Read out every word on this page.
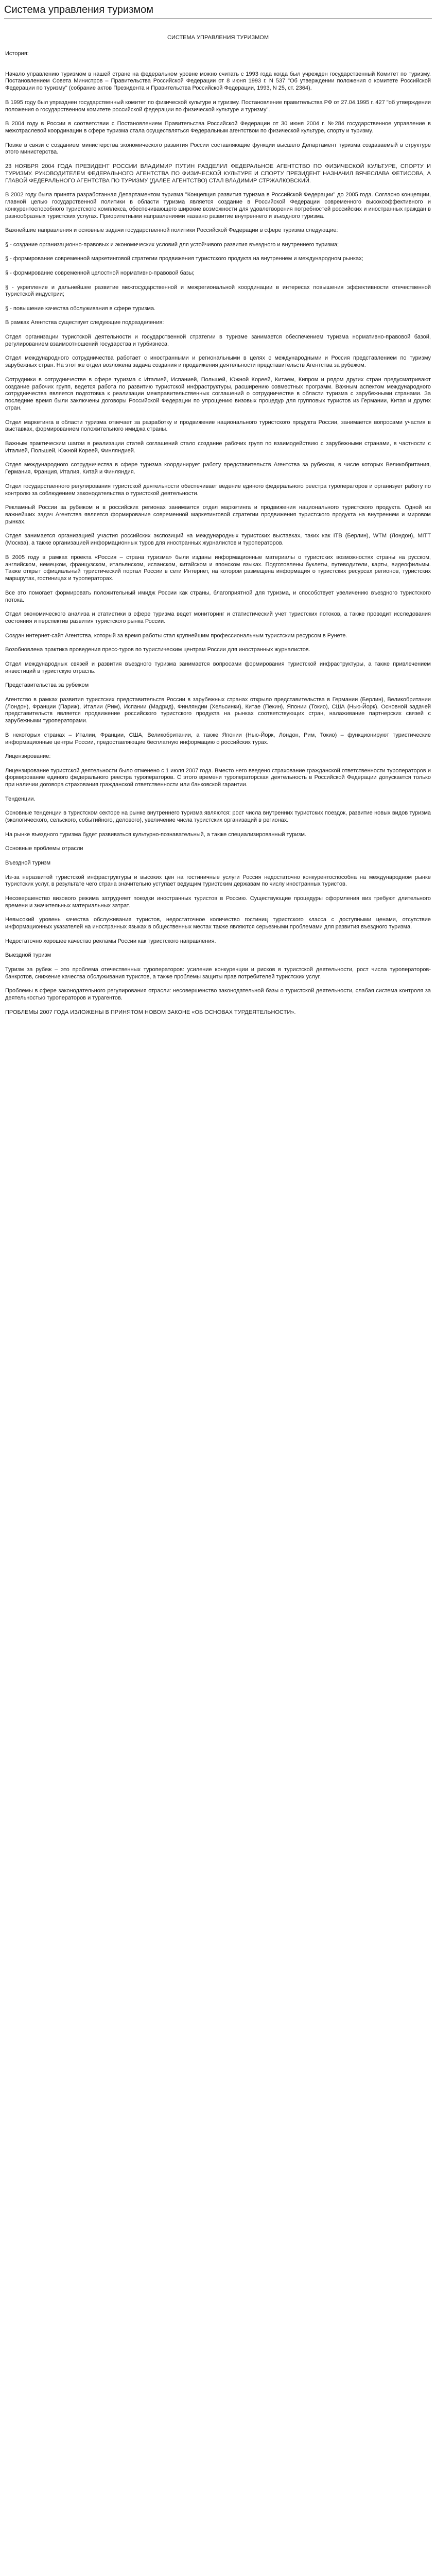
Система управления туризмом
СИСТЕМА УПРАВЛЕНИЯ ТУРИЗМОМ
История:

Начало управлению туризмом в нашей стране на федеральном уровне можно считать с 1993 года когда был учрежден государственный Комитет по туризму. Постановлением Совета Министров – Правительства Российской Федерации от 8 июня 1993 г. N 537 "Об утверждении положения о комитете Российской Федерации по туризму" (собрание актов Президента и Правительства Российской Федерации, 1993, N 25, ст. 2364).

В 1995 году был упразднен государственный комитет по физической культуре и туризму. Постановление правительства РФ от 27.04.1995 г. 427 "об утверждении положения о государственном комитете российской федерации по физической культуре и туризму".

В 2004 году в России в соответствии с Постановлением Правительства Российской Федерации от 30 июня 2004 г. №284 государственное управление в межотраслевой координации в сфере туризма стала осуществляться Федеральным агентством по физической культуре, спорту и туризму.

Позже в связи с созданием министерства экономического развития России составляющие функции высшего Департамент туризма создаваемый в структуре этого министерства.

23 НОЯБРЯ 2004 ГОДА ПРЕЗИДЕНТ РОССИИ ВЛАДИМИР ПУТИН РАЗДЕЛИЛ ФЕДЕРАЛЬНОЕ АГЕНТСТВО ПО ФИЗИЧЕСКОЙ КУЛЬТУРЕ, СПОРТУ И ТУРИЗМУ. РУКОВОДИТЕЛЕМ ФЕДЕРАЛЬНОГО АГЕНТСТВА ПО ФИЗИЧЕСКОЙ КУЛЬТУРЕ И СПОРТУ ПРЕЗИДЕНТ НАЗНАЧИЛ ВЯЧЕСЛАВА ФЕТИСОВА, А ГЛАВОЙ ФЕДЕРАЛЬНОГО АГЕНТСТВА ПО ТУРИЗМУ (ДАЛЕЕ АГЕНТСТВО) СТАЛ ВЛАДИМИР СТРЖАЛКОВСКИЙ.

В 2002 году была принята разработанная Департаментом туризма "Концепция развития туризма в Российской Федерации" до 2005 года. Согласно концепции, главной целью государственной политики в области туризма является создание в Российской Федерации современного высокоэффективного и конкурентоспособного туристского комплекса, обеспечивающего широкие возможности для удовлетворения потребностей российских и иностранных граждан в разнообразных туристских услугах. Приоритетными направлениями названо развитие внутреннего и въездного туризма.

Важнейшие направления и основные задачи государственной политики Российской Федерации в сфере туризма следующие:

§ - создание организационно-правовых и экономических условий для устойчивого развития въездного и внутреннего туризма;

§ - формирование современной маркетинговой стратегии продвижения туристского продукта на внутреннем и международном рынках;

§ - формирование современной целостной нормативно-правовой базы;

§ - укрепление и дальнейшее развитие межгосударственной и межрегиональной координации в интересах повышения эффективности отечественной туристской индустрии;

§ - повышение качества обслуживания в сфере туризма.

В рамках Агентства существует следующие подразделения:

Отдел организации туристской деятельности и государственной стратегии в туризме занимается обеспечением туризма нормативно-правовой базой, регулированием взаимоотношений государства и турбизнеса.

Отдел международного сотрудничества работает с иностранными и региональными в целях с международными и Россия представлением по туризму зарубежных стран. На этот же отдел возложена задача создания и продвижения деятельности представительств Агентства за рубежом.

Сотрудники в сотрудничестве в сфере туризма с Италией, Испанией, Польшей, Южной Кореей, Китаем, Кипром и рядом других стран предусматривают создание рабочих групп, ведется работа по развитию туристской инфраструктуры, расширению совместных программ. Важным аспектом международного сотрудничества является подготовка к реализации межправительственных соглашений о сотрудничестве в области туризма с зарубежными странами. За последние время были заключены договоры Российской Федерации по упрощению визовых процедур для групповых туристов из Германии, Китая и других стран.

Отдел маркетинга в области туризма отвечает за разработку и продвижение национального туристского продукта России, занимается вопросами участия в выставках, формированием положительного имиджа страны.

Важным практическим шагом в реализации статей соглашений стало создание рабочих групп по взаимодействию с зарубежными странами, в частности с Италией, Польшей, Южной Кореей, Финляндией.

Отдел международного сотрудничества в сфере туризма координирует работу представительств Агентства за рубежом, в числе которых Великобритания, Германия, Франция, Италия, Китай и Финляндия.

Отдел государственного регулирования туристской деятельности обеспечивает ведение единого федерального реестра туроператоров и организует работу по контролю за соблюдением законодательства о туристской деятельности.

Рекламный Росcии за рубежом и в российских регионах занимается отдел маркетинга и продвижения национального туристского продукта. Одной из важнейших задач Агентства является формирование современной маркетинговой стратегии продвижения туристского продукта на внутреннем и мировом рынках.

Отдел занимается организацией участия российских экспозиций на международных туристских выставках, таких как ITB (Берлин), WTM (Лондон), MITT (Москва), а также организацией информационных туров для иностранных журналистов и туроператоров.

В 2005 году в рамках проекта «Россия – страна туризма» были изданы информационные материалы о туристских возможностях страны на русском, английском, немецком, французском, итальянском, испанском, китайском и японском языках. Подготовлены буклеты, путеводители, карты, видеофильмы. Также открыт официальный туристический портал России в сети Интернет, на котором размещена информация о туристских ресурсах регионов, туристских маршрутах, гостиницах и туроператорах.

Все это помогает формировать положительный имидж России как страны, благоприятной для туризма, и способствует увеличению въездного туристского потока.

Отдел экономического анализа и статистики в сфере туризма ведет мониторинг и статистический учет туристских потоков, а также проводит исследования состояния и перспектив развития туристского рынка России.

Создан интернет-сайт Агентства, который за время работы стал крупнейшим профессиональным туристским ресурсом в Рунете.

Возобновлена практика проведения пресс-туров по туристическим центрам России для иностранных журналистов.

Отдел международных связей и развития въездного туризма занимается вопросами формирования туристской инфраструктуры, а также привлечением инвестиций в туристскую отрасль.

Представительства за рубежом

Агентство в рамках развития туристских представительств России в зарубежных странах открыло представительства в Германии (Берлин), Великобритании (Лондон), Франции (Париж), Италии (Рим), Испании (Мадрид), Финляндии (Хельсинки), Китае (Пекин), Японии (Токио), США (Нью-Йорк). Основной задачей представительств является продвижение российского туристского продукта на рынках соответствующих стран, налаживание партнерских связей с зарубежными туроператорами.

В некоторых странах – Италии, Франции, США, Великобритании, а также Японии (Нью-Йорк, Лондон, Рим, Токио) – функционируют туристические информационные центры России, предоставляющие бесплатную информацию о российских турах.

Лицензирование:

Лицензирование туристской деятельности было отменено с 1 июля 2007 года. Вместо него введено страхование гражданской ответственности туроператоров и формирование единого федерального реестра туроператоров. С этого времени туроператорская деятельность в Российской Федерации допускается только при наличии договора страхования гражданской ответственности или банковской гарантии.

Тенденции.

Основные тенденции в туристском секторе на рынке внутреннего туризма являются: рост числа внутренних туристских поездок, развитие новых видов туризма (экологического, сельского, событийного, делового), увеличение числа туристских организаций в регионах.

На рынке въездного туризма будет развиваться культурно-познавательный, а также специализированный туризм.

Основные проблемы отрасли

Въездной туризм

Из-за неразвитой туристской инфраструктуры и высоких цен на гостиничные услуги Россия недостаточно конкурентоспособна на международном рынке туристских услуг, в результате чего страна значительно уступает ведущим туристским державам по числу иностранных туристов.

Несовершенство визового режима затрудняет поездки иностранных туристов в Россию. Существующие процедуры оформления виз требуют длительного времени и значительных материальных затрат.

Невысокий уровень качества обслуживания туристов, недостаточное количество гостиниц туристского класса с доступными ценами, отсутствие информационных указателей на иностранных языках в общественных местах также являются серьезными проблемами для развития въездного туризма.

Недостаточно хорошее качество рекламы России как туристского направления.

Выездной туризм

Туризм за рубеж – это проблема отечественных туроператоров: усиление конкуренции и рисков в туристской деятельности, рост числа туроператоров-банкротов, снижение качества обслуживания туристов, а также проблемы защиты прав потребителей туристских услуг.

Проблемы в сфере законодательного регулирования отрасли: несовершенство законодательной базы о туристской деятельности, слабая система контроля за деятельностью туроператоров и турагентов.

ПРОБЛЕМЫ 2007 ГОДА ИЗЛОЖЕНЫ В ПРИНЯТОМ НОВОМ ЗАКОНЕ «ОБ ОСНОВАХ ТУРДЕЯТЕЛЬНОСТИ».
